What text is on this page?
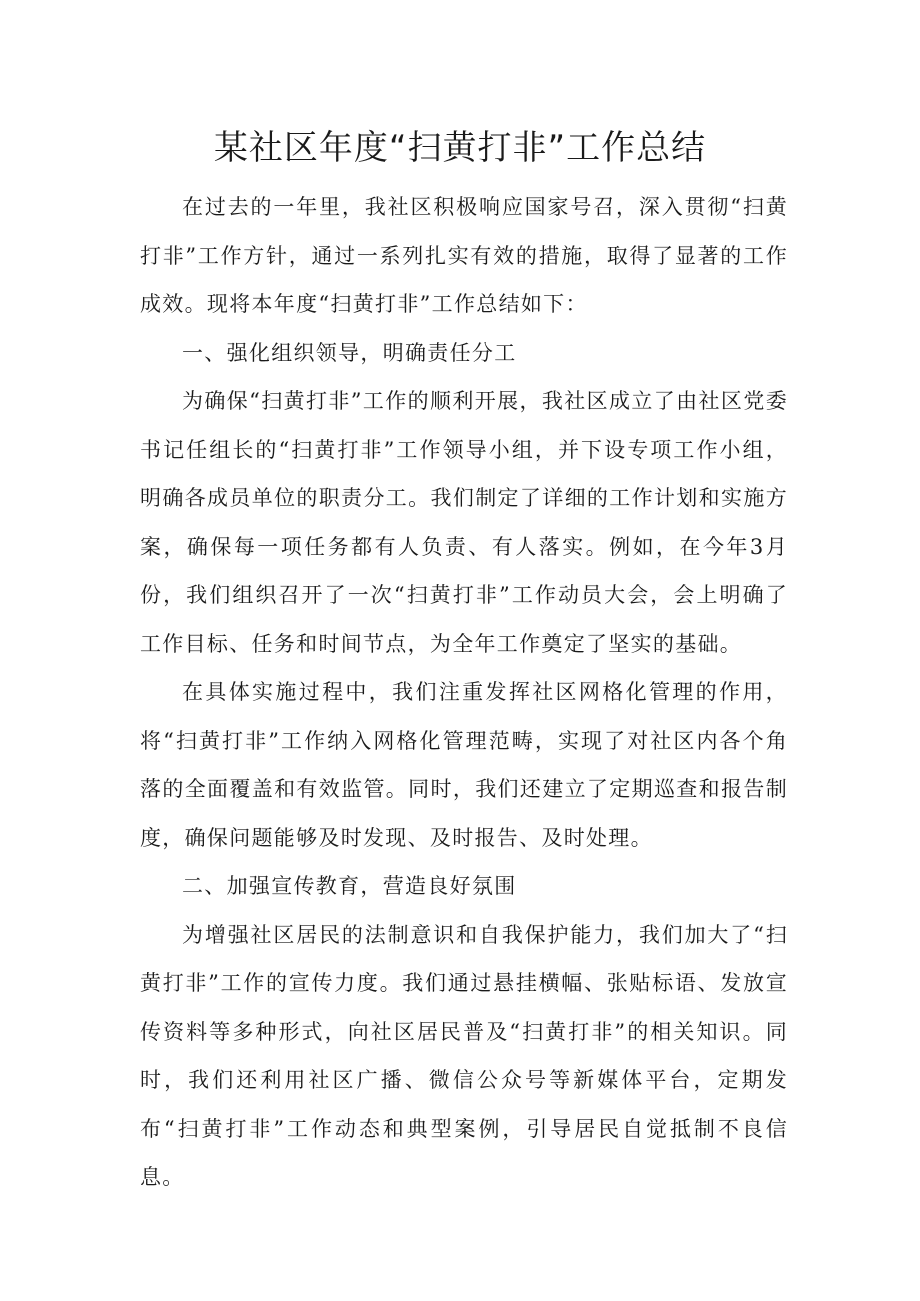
某社区年度“扫黄打非”工作总结

在过去的一年里，我社区积极响应国家号召，深入贯彻“扫黄打非”工作方针，通过一系列扎实有效的措施，取得了显著的工作成效。现将本年度“扫黄打非”工作总结如下：

一、强化组织领导，明确责任分工

为确保“扫黄打非”工作的顺利开展，我社区成立了由社区党委书记任组长的“扫黄打非”工作领导小组，并下设专项工作小组，明确各成员单位的职责分工。我们制定了详细的工作计划和实施方案，确保每一项任务都有人负责、有人落实。例如，在今年3月份，我们组织召开了一次“扫黄打非”工作动员大会，会上明确了工作目标、任务和时间节点，为全年工作奠定了坚实的基础。

在具体实施过程中，我们注重发挥社区网格化管理的作用，将“扫黄打非”工作纳入网格化管理范畴，实现了对社区内各个角落的全面覆盖和有效监管。同时，我们还建立了定期巡查和报告制度，确保问题能够及时发现、及时报告、及时处理。

二、加强宣传教育，营造良好氛围

为增强社区居民的法制意识和自我保护能力，我们加大了“扫黄打非”工作的宣传力度。我们通过悬挂横幅、张贴标语、发放宣传资料等多种形式，向社区居民普及“扫黄打非”的相关知识。同时，我们还利用社区广播、微信公众号等新媒体平台，定期发布“扫黄打非”工作动态和典型案例，引导居民自觉抵制不良信息。
